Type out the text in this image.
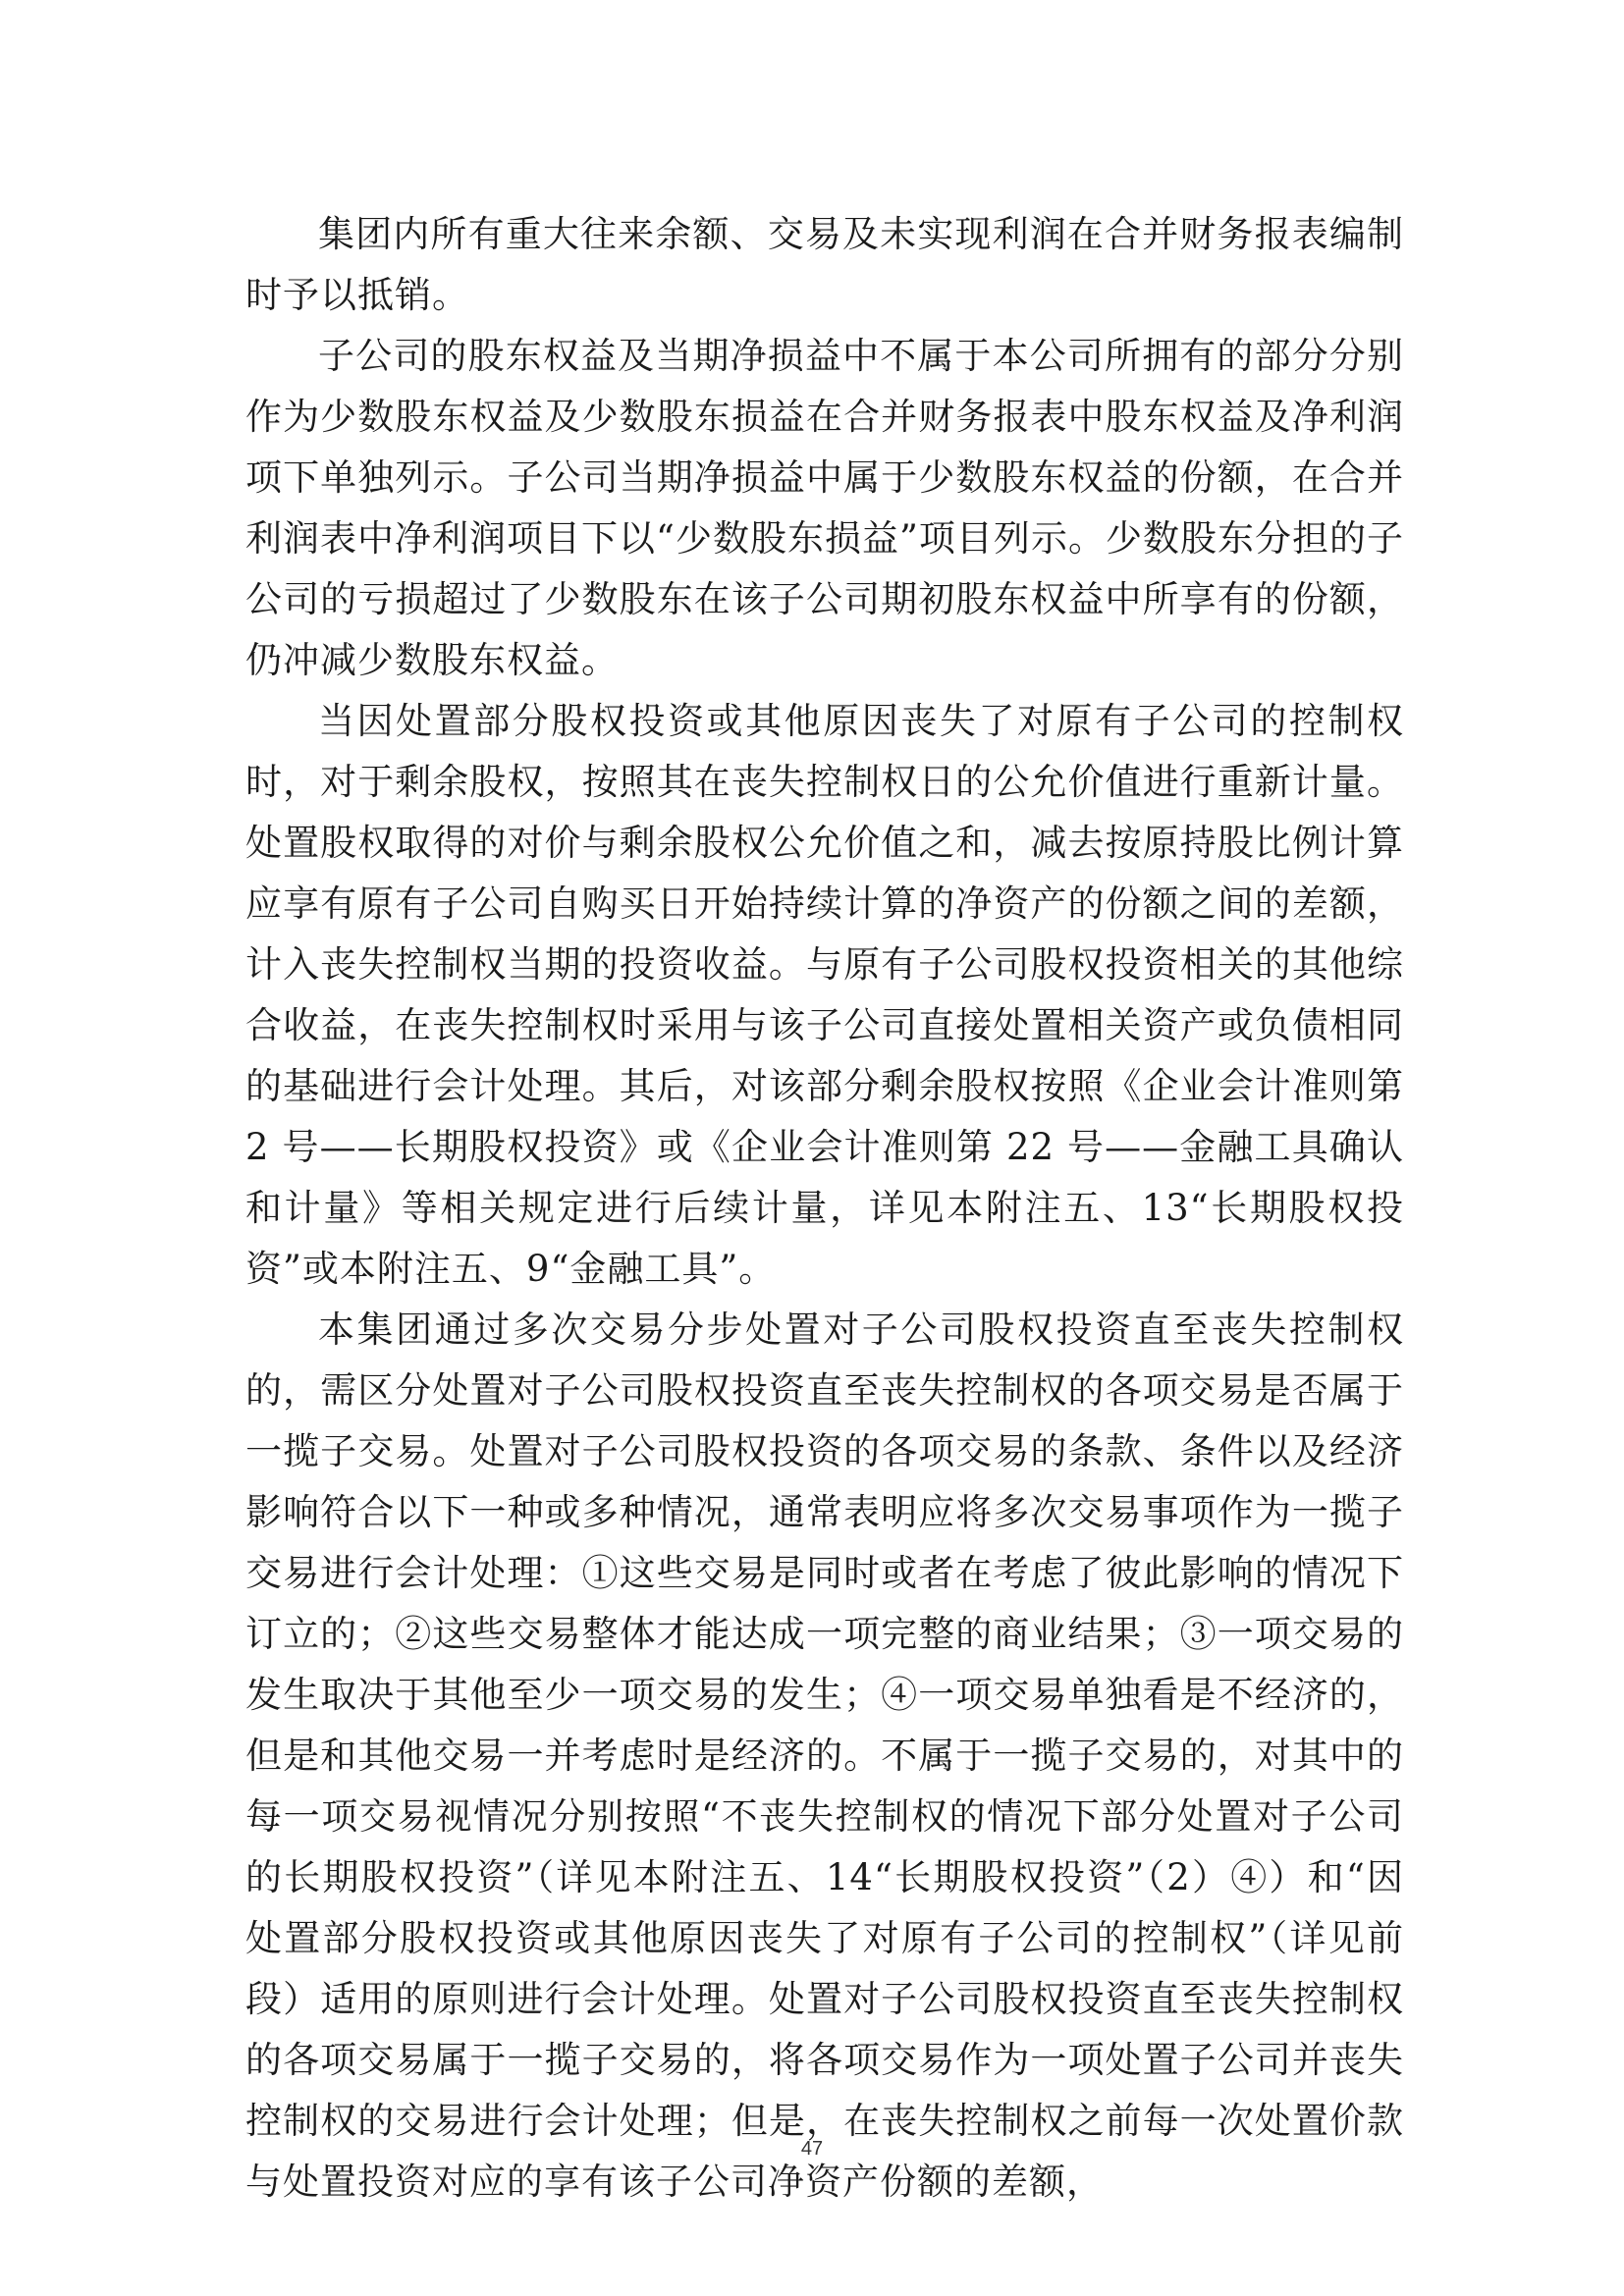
集团内所有重大往来余额、交易及未实现利润在合并财务报表编制时予以抵销。

子公司的股东权益及当期净损益中不属于本公司所拥有的部分分别作为少数股东权益及少数股东损益在合并财务报表中股东权益及净利润项下单独列示。子公司当期净损益中属于少数股东权益的份额，在合并利润表中净利润项目下以“少数股东损益”项目列示。少数股东分担的子公司的亏损超过了少数股东在该子公司期初股东权益中所享有的份额，仍冲减少数股东权益。

当因处置部分股权投资或其他原因丧失了对原有子公司的控制权时，对于剩余股权，按照其在丧失控制权日的公允价值进行重新计量。处置股权取得的对价与剩余股权公允价值之和，减去按原持股比例计算应享有原有子公司自购买日开始持续计算的净资产的份额之间的差额，计入丧失控制权当期的投资收益。与原有子公司股权投资相关的其他综合收益，在丧失控制权时采用与该子公司直接处置相关资产或负债相同的基础进行会计处理。其后，对该部分剩余股权按照《企业会计准则第 2 号——长期股权投资》或《企业会计准则第 22 号——金融工具确认和计量》等相关规定进行后续计量，详见本附注五、13“长期股权投资”或本附注五、9“金融工具”。

本集团通过多次交易分步处置对子公司股权投资直至丧失控制权的，需区分处置对子公司股权投资直至丧失控制权的各项交易是否属于一揽子交易。处置对子公司股权投资的各项交易的条款、条件以及经济影响符合以下一种或多种情况，通常表明应将多次交易事项作为一揽子交易进行会计处理：①这些交易是同时或者在考虑了彼此影响的情况下订立的；②这些交易整体才能达成一项完整的商业结果；③一项交易的发生取决于其他至少一项交易的发生；④一项交易单独看是不经济的，但是和其他交易一并考虑时是经济的。不属于一揽子交易的，对其中的每一项交易视情况分别按照“不丧失控制权的情况下部分处置对子公司的长期股权投资”（详见本附注五、14“长期股权投资”（2）④）和“因处置部分股权投资或其他原因丧失了对原有子公司的控制权”（详见前段）适用的原则进行会计处理。处置对子公司股权投资直至丧失控制权的各项交易属于一揽子交易的，将各项交易作为一项处置子公司并丧失控制权的交易进行会计处理；但是，在丧失控制权之前每一次处置价款与处置投资对应的享有该子公司净资产份额的差额，

47
